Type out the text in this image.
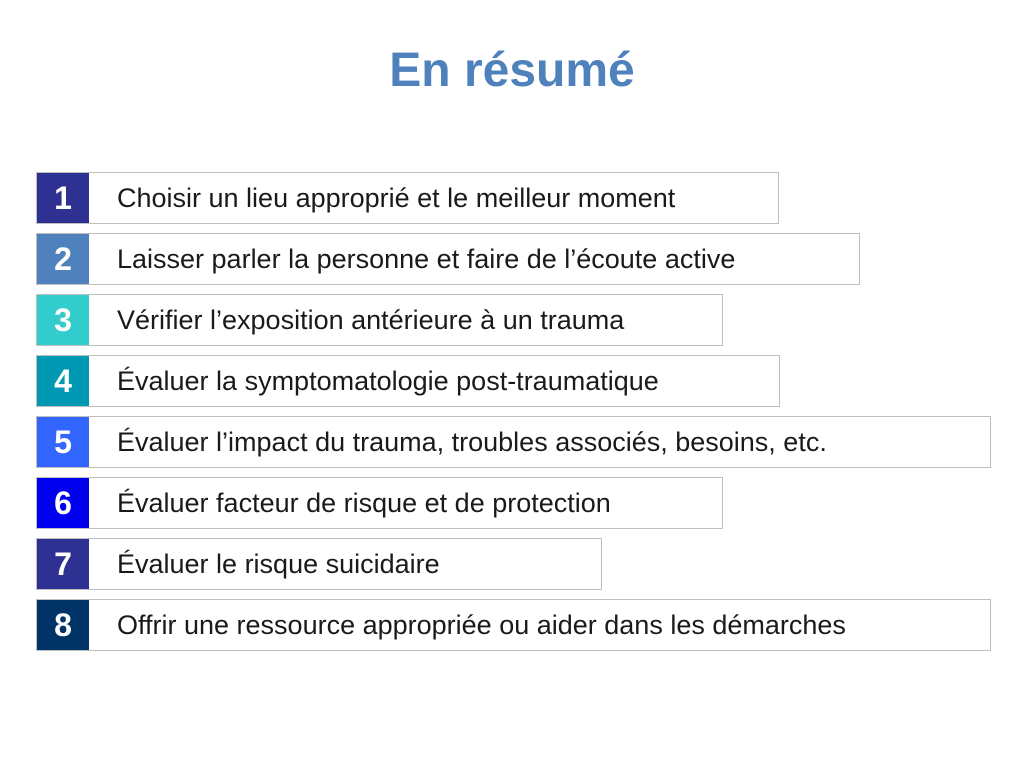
En résumé
1	Choisir un lieu approprié et le meilleur moment
2	Laisser parler la personne et faire de l’écoute active
3	Vérifier l’exposition antérieure à un trauma
4	Évaluer la symptomatologie post-traumatique
5	Évaluer l’impact du trauma, troubles associés, besoins, etc.
6	Évaluer facteur de risque et de protection
7	Évaluer le risque suicidaire
8	Offrir une ressource appropriée ou aider dans les démarches
